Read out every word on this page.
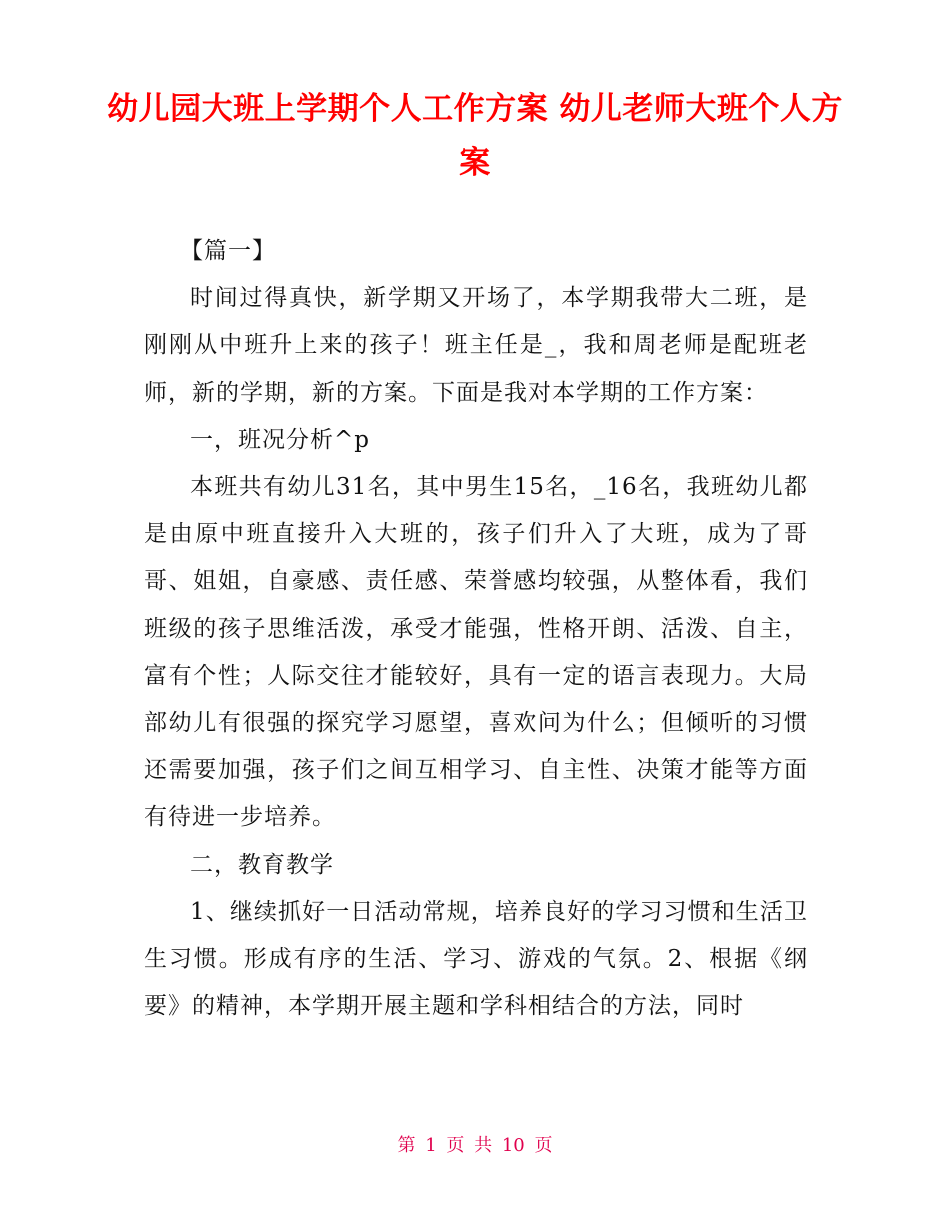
幼儿园大班上学期个人工作方案 幼儿老师大班个人方案

【篇一】

时间过得真快，新学期又开场了，本学期我带大二班，是刚刚从中班升上来的孩子！班主任是_，我和周老师是配班老师，新的学期，新的方案。下面是我对本学期的工作方案：

一，班况分析^p

本班共有幼儿31名，其中男生15名，_16名，我班幼儿都是由原中班直接升入大班的，孩子们升入了大班，成为了哥哥、姐姐，自豪感、责任感、荣誉感均较强，从整体看，我们班级的孩子思维活泼，承受才能强，性格开朗、活泼、自主，富有个性；人际交往才能较好，具有一定的语言表现力。大局部幼儿有很强的探究学习愿望，喜欢问为什么；但倾听的习惯还需要加强，孩子们之间互相学习、自主性、决策才能等方面有待进一步培养。

二，教育教学

1、继续抓好一日活动常规，培养良好的学习习惯和生活卫生习惯。形成有序的生活、学习、游戏的气氛。2、根据《纲要》的精神，本学期开展主题和学科相结合的方法，同时

第 1 页 共 10 页
